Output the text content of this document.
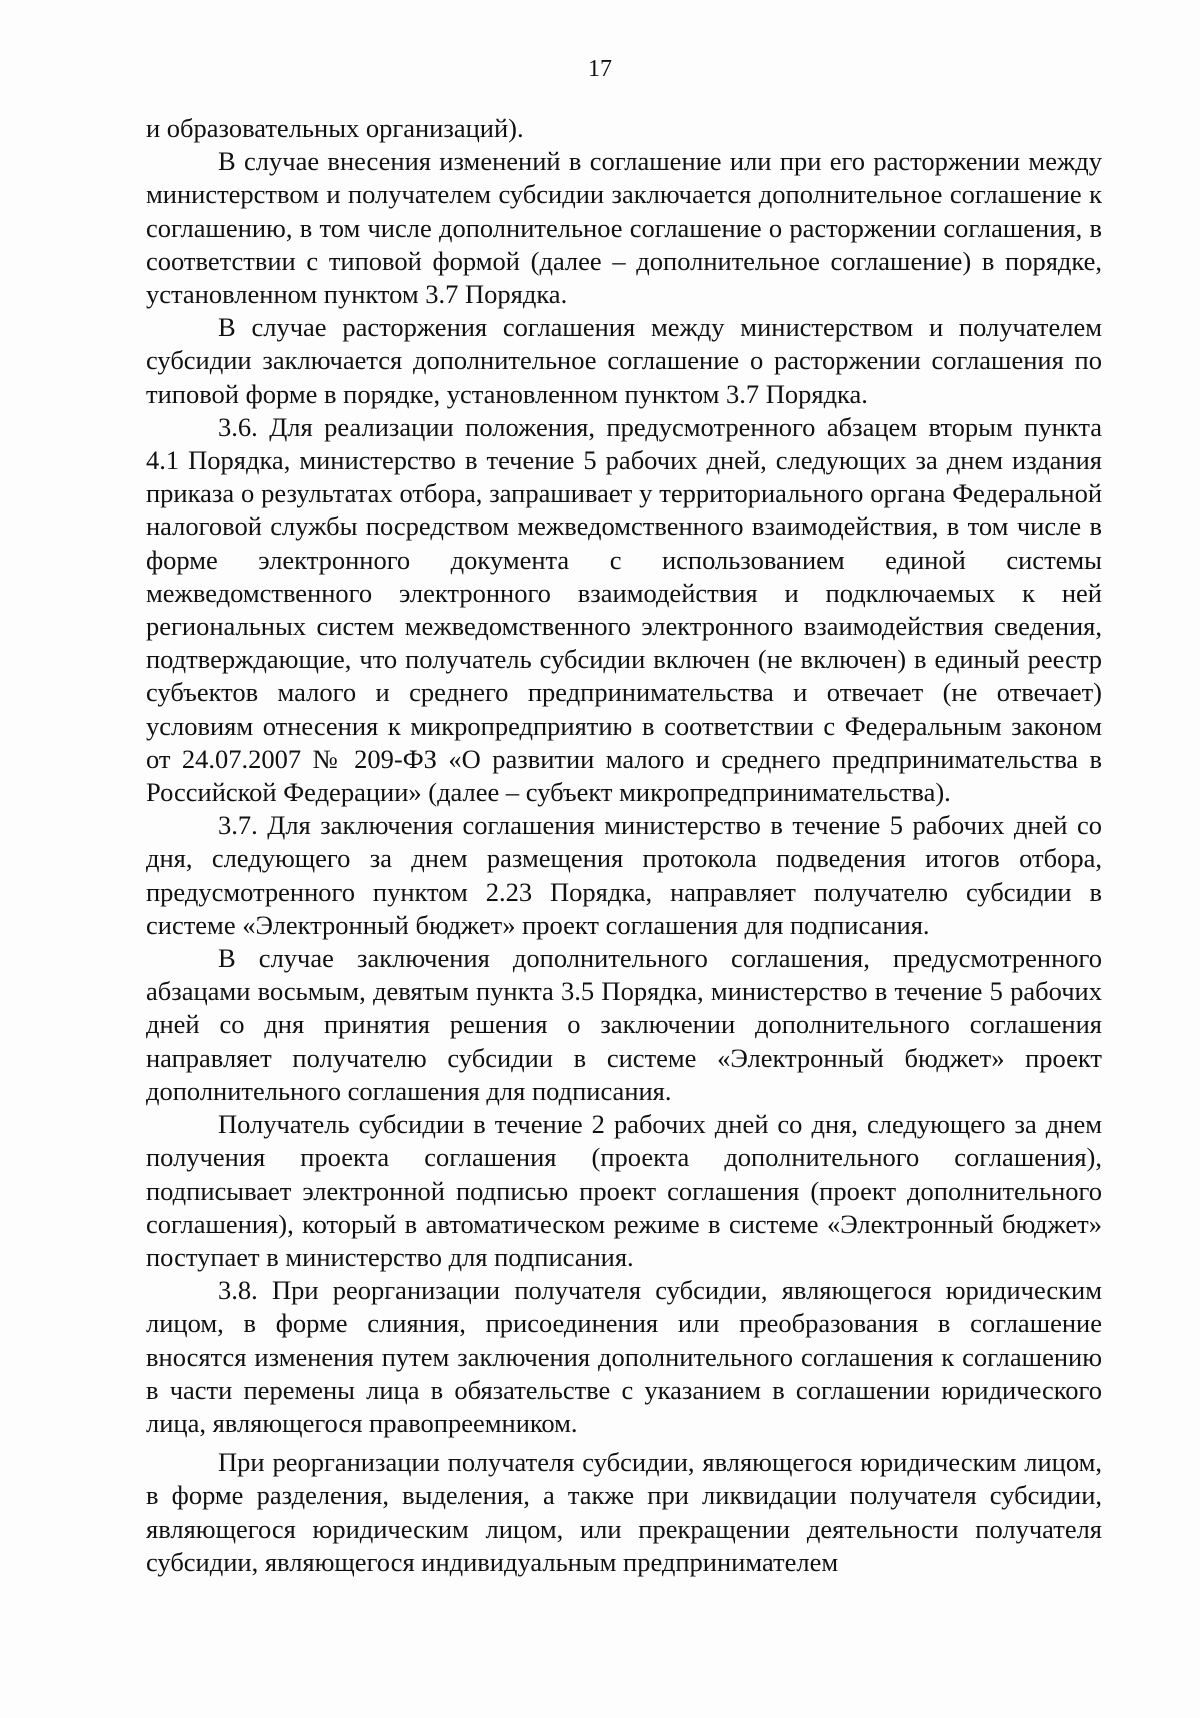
17

и образовательных организаций).

В случае внесения изменений в соглашение или при его расторжении между министерством и получателем субсидии заключается дополнительное соглашение к соглашению, в том числе дополнительное соглашение о расторжении соглашения, в соответствии с типовой формой (далее – дополнительное соглашение) в порядке, установленном пунктом 3.7 Порядка.

В случае расторжения соглашения между министерством и получателем субсидии заключается дополнительное соглашение о расторжении соглашения по типовой форме в порядке, установленном пунктом 3.7 Порядка.

3.6. Для реализации положения, предусмотренного абзацем вторым пункта 4.1 Порядка, министерство в течение 5 рабочих дней, следующих за днем издания приказа о результатах отбора, запрашивает у территориального органа Федеральной налоговой службы посредством межведомственного взаимодействия, в том числе в форме электронного документа с использованием единой системы межведомственного электронного взаимодействия и подключаемых к ней региональных систем межведомственного электронного взаимодействия сведения, подтверждающие, что получатель субсидии включен (не включен) в единый реестр субъектов малого и среднего предпринимательства и отвечает (не отвечает) условиям отнесения к микропредприятию в соответствии с Федеральным законом от 24.07.2007 № 209-ФЗ «О развитии малого и среднего предпринимательства в Российской Федерации» (далее – субъект микропредпринимательства).

3.7. Для заключения соглашения министерство в течение 5 рабочих дней со дня, следующего за днем размещения протокола подведения итогов отбора, предусмотренного пунктом 2.23 Порядка, направляет получателю субсидии в системе «Электронный бюджет» проект соглашения для подписания.

В случае заключения дополнительного соглашения, предусмотренного абзацами восьмым, девятым пункта 3.5 Порядка, министерство в течение 5 рабочих дней со дня принятия решения о заключении дополнительного соглашения направляет получателю субсидии в системе «Электронный бюджет» проект дополнительного соглашения для подписания.

Получатель субсидии в течение 2 рабочих дней со дня, следующего за днем получения проекта соглашения (проекта дополнительного соглашения), подписывает электронной подписью проект соглашения (проект дополнительного соглашения), который в автоматическом режиме в системе «Электронный бюджет» поступает в министерство для подписания.

3.8. При реорганизации получателя субсидии, являющегося юридическим лицом, в форме слияния, присоединения или преобразования в соглашение вносятся изменения путем заключения дополнительного соглашения к соглашению в части перемены лица в обязательстве с указанием в соглашении юридического лица, являющегося правопреемником.

При реорганизации получателя субсидии, являющегося юридическим лицом, в форме разделения, выделения, а также при ликвидации получателя субсидии, являющегося юридическим лицом, или прекращении деятельности получателя субсидии, являющегося индивидуальным предпринимателем
